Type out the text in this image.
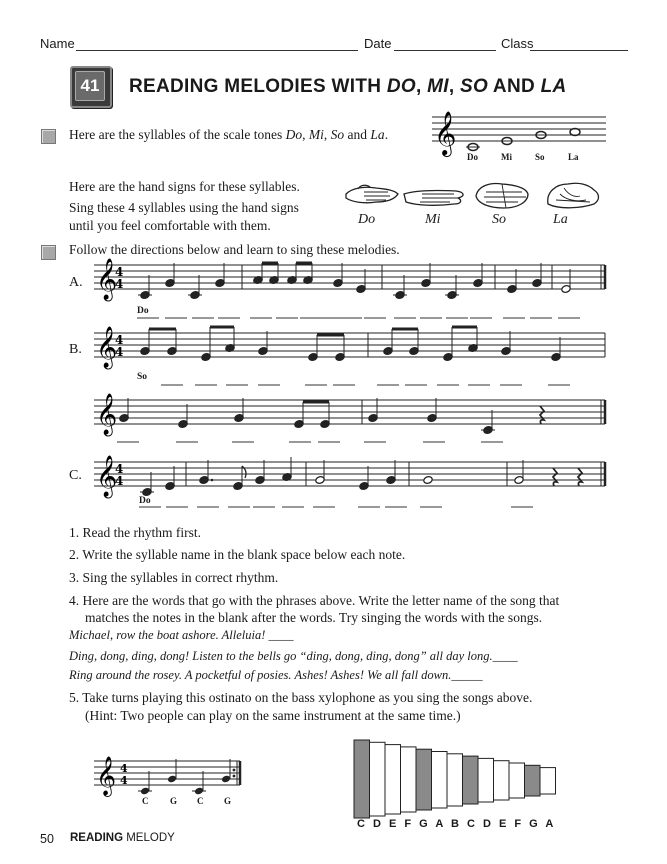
Name	Date	Class
41 READING MELODIES WITH DO, MI, SO AND LA
Here are the syllables of the scale tones Do, Mi, So and La. 𝄞
Do	Mi	So	La
Here are the hand signs for these syllables.
Sing these 4 syllables using the hand signs
until you feel comfortable with them.	Do	Mi	So	La
Follow the directions below and learn to sing these melodies.
A.
B.
C.
𝄞
4
4
𝄞
4
4
𝄞
𝄞
4
4
Do
So
Do
1. Read the rhythm first.
2. Write the syllable name in the blank space below each note.
3. Sing the syllables in correct rhythm.
4. Here are the words that go with the phrases above. Write the letter name of the song that
matches the notes in the blank after the words. Try singing the words with the songs.
Michael, row the boat ashore. Alleluia! ____
Ding, dong, ding, dong! Listen to the bells go “ding, dong, ding, dong” all day long.____
Ring around the rosey. A pocketful of posies. Ashes! Ashes! We all fall down._____
5. Take turns playing this ostinato on the bass xylophone as you sing the songs above.
(Hint: Two people can play on the same instrument at the same time.)
𝄞 4
4
C G C G
C D E F G A B C D E F G A
50 READING MELODY
